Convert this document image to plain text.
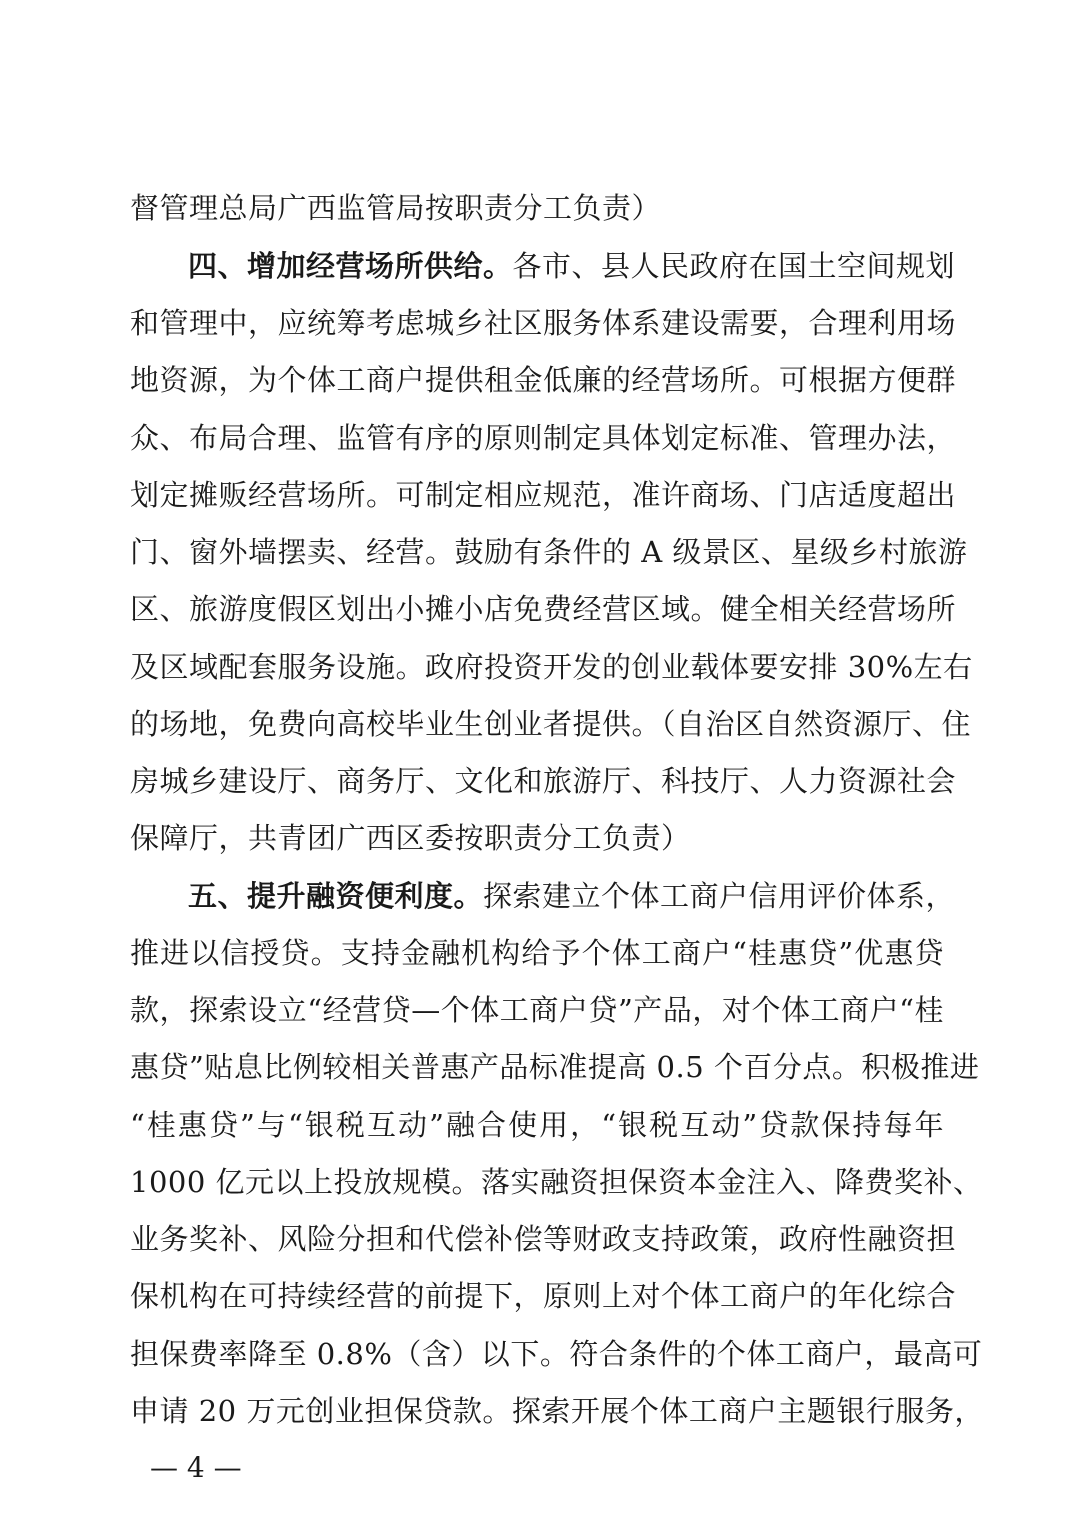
督管理总局广西监管局按职责分工负责）
四、增加经营场所供给。各市、县人民政府在国土空间规划
和管理中，应统筹考虑城乡社区服务体系建设需要，合理利用场
地资源，为个体工商户提供租金低廉的经营场所。可根据方便群
众、布局合理、监管有序的原则制定具体划定标准、管理办法，
划定摊贩经营场所。可制定相应规范，准许商场、门店适度超出
门、窗外墙摆卖、经营。鼓励有条件的 A 级景区、星级乡村旅游
区、旅游度假区划出小摊小店免费经营区域。健全相关经营场所
及区域配套服务设施。政府投资开发的创业载体要安排 30%左右
的场地，免费向高校毕业生创业者提供。（自治区自然资源厅、住
房城乡建设厅、商务厅、文化和旅游厅、科技厅、人力资源社会
保障厅，共青团广西区委按职责分工负责）
五、提升融资便利度。探索建立个体工商户信用评价体系，
推进以信授贷。支持金融机构给予个体工商户“桂惠贷”优惠贷
款，探索设立“经营贷—个体工商户贷”产品，对个体工商户“桂
惠贷”贴息比例较相关普惠产品标准提高 0.5 个百分点。积极推进
“桂惠贷”与“银税互动”融合使用，“银税互动”贷款保持每年
1000 亿元以上投放规模。落实融资担保资本金注入、降费奖补、
业务奖补、风险分担和代偿补偿等财政支持政策，政府性融资担
保机构在可持续经营的前提下，原则上对个体工商户的年化综合
担保费率降至 0.8%（含）以下。符合条件的个体工商户，最高可
申请 20 万元创业担保贷款。探索开展个体工商户主题银行服务，
— 4 —
